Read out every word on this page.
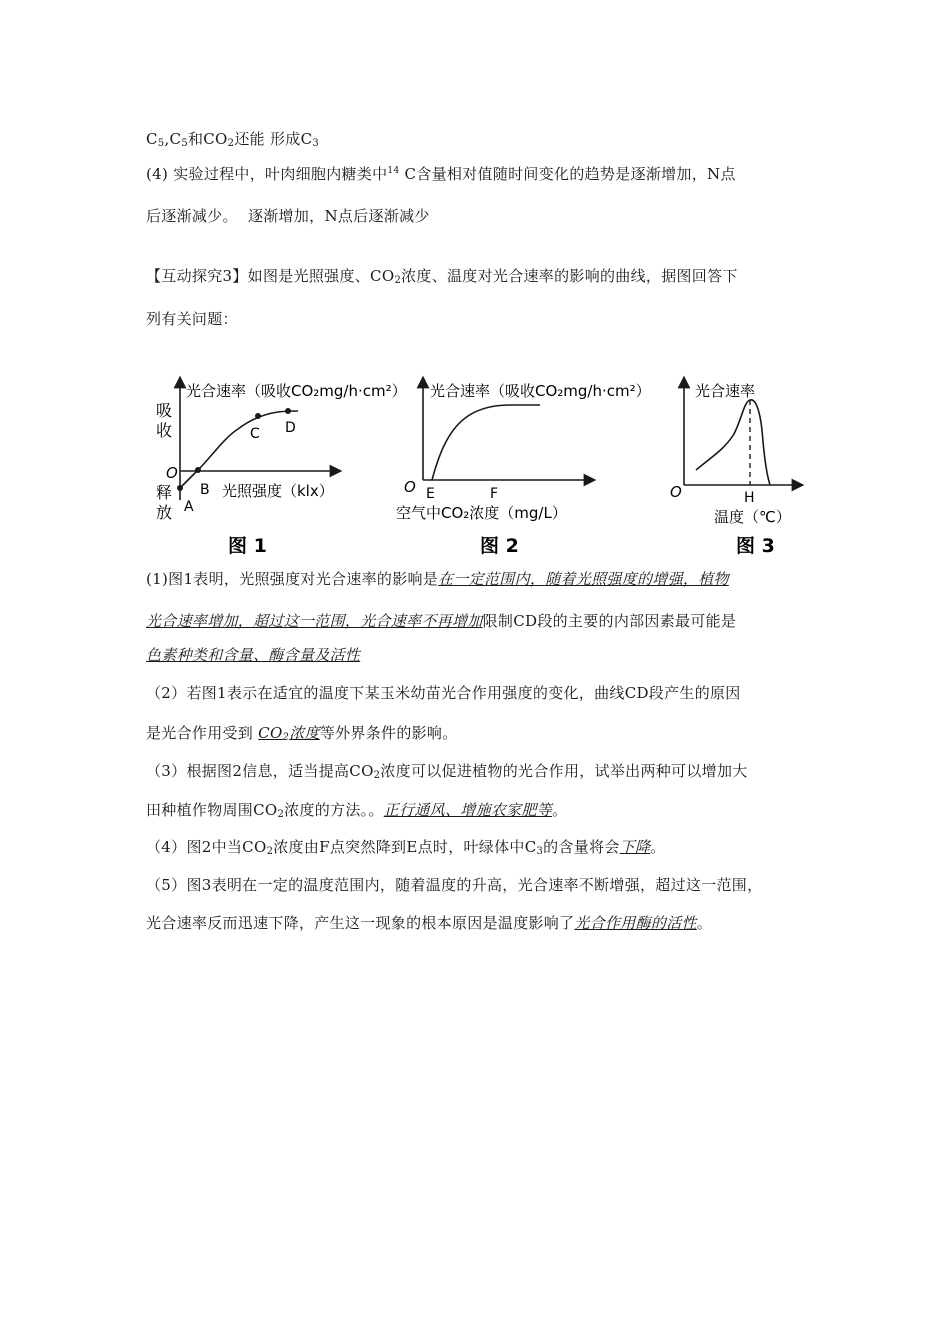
$C_5,C_5$和$CO_2$还能 形成$C_3$
(4) 实验过程中，叶肉细胞内糖类中$^{14}$ C含量相对值随时间变化的趋势是逐渐增加，N点
后逐渐减少。 逐渐增加，N点后逐渐减少
【互动探究3】如图是光照强度、$CO_2$浓度、温度对光合速率的影响的曲线，据图回答下
列有关问题：
光合速率（吸收CO₂mg/h·cm²）
吸
收
O
释
放 A
B
C D
光照强度（klx）
图 1
光合速率（吸收CO₂mg/h·cm²）
O E	F
空气中CO₂浓度（mg/L）
图 2
光合速率
O	H
温度（℃）
图 3
(1)图1表明，光照强度对光合速率的影响是在一定范围内，随着光照强度的增强，植物
光合速率增加，超过这一范围，光合速率不再增加限制CD段的主要的内部因素最可能是
色素种类和含量、酶含量及活性
（2）若图1表示在适宜的温度下某玉米幼苗光合作用强度的变化，曲线CD段产生的原因
是光合作用受到 $CO_2$浓度等外界条件的影响。
（3）根据图2信息，适当提高$CO_2$浓度可以促进植物的光合作用，试举出两种可以增加大
田种植作物周围$CO_2$浓度的方法。。正行通风、增施农家肥等。
（4）图2中当$CO_2$浓度由F点突然降到E点时，叶绿体中$C_3$的含量将会下降。
（5）图3表明在一定的温度范围内，随着温度的升高，光合速率不断增强，超过这一范围，
光合速率反而迅速下降，产生这一现象的根本原因是温度影响了光合作用酶的活性。
